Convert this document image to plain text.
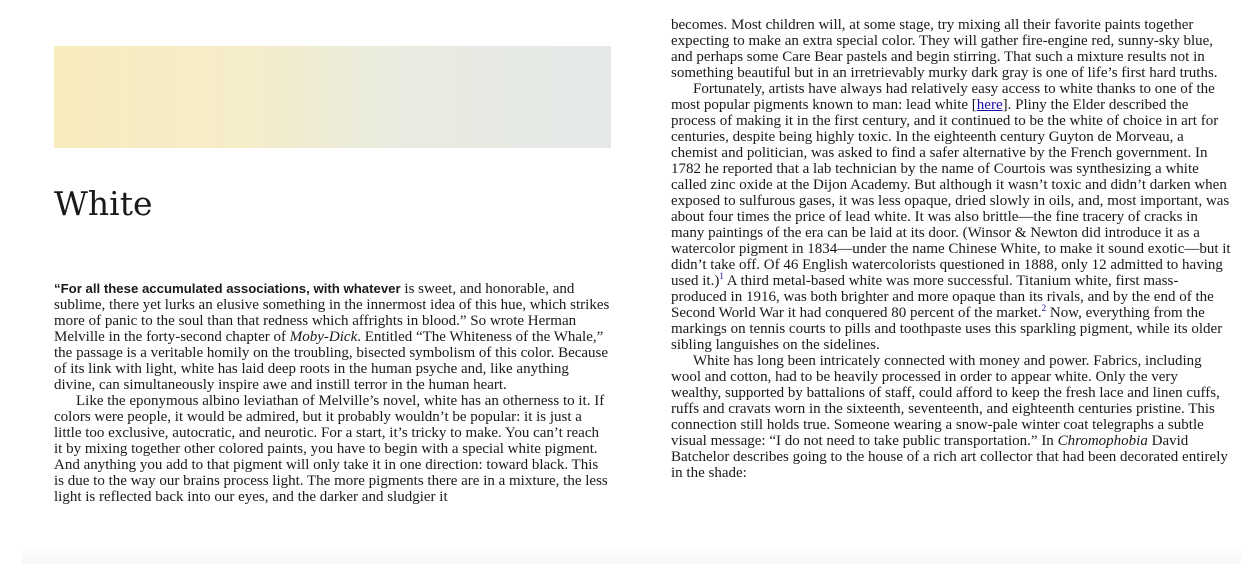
White

“For all these accumulated associations, with whatever is sweet, and honorable, and sublime, there yet lurks an elusive something in the innermost idea of this hue, which strikes more of panic to the soul than that redness which affrights in blood.” So wrote Herman Melville in the forty-second chapter of Moby-Dick. Entitled “The Whiteness of the Whale,” the passage is a veritable homily on the troubling, bisected symbolism of this color. Because of its link with light, white has laid deep roots in the human psyche and, like anything divine, can simultaneously inspire awe and instill terror in the human heart.

Like the eponymous albino leviathan of Melville’s novel, white has an otherness to it. If colors were people, it would be admired, but it probably wouldn’t be popular: it is just a little too exclusive, autocratic, and neurotic. For a start, it’s tricky to make. You can’t reach it by mixing together other colored paints, you have to begin with a special white pigment. And anything you add to that pigment will only take it in one direction: toward black. This is due to the way our brains process light. The more pigments there are in a mixture, the less light is reflected back into our eyes, and the darker and sludgier it

becomes. Most children will, at some stage, try mixing all their favorite paints together expecting to make an extra special color. They will gather fire-engine red, sunny-sky blue, and perhaps some Care Bear pastels and begin stirring. That such a mixture results not in something beautiful but in an irretrievably murky dark gray is one of life’s first hard truths.

Fortunately, artists have always had relatively easy access to white thanks to one of the most popular pigments known to man: lead white [here]. Pliny the Elder described the process of making it in the first century, and it continued to be the white of choice in art for centuries, despite being highly toxic. In the eighteenth century Guyton de Morveau, a chemist and politician, was asked to find a safer alternative by the French government. In 1782 he reported that a lab technician by the name of Courtois was synthesizing a white called zinc oxide at the Dijon Academy. But although it wasn’t toxic and didn’t darken when exposed to sulfurous gases, it was less opaque, dried slowly in oils, and, most important, was about four times the price of lead white. It was also brittle—the fine tracery of cracks in many paintings of the era can be laid at its door. (Winsor & Newton did introduce it as a watercolor pigment in 1834—under the name Chinese White, to make it sound exotic—but it didn’t take off. Of 46 English watercolorists questioned in 1888, only 12 admitted to having used it.)$^1$ A third metal-based white was more successful. Titanium white, first mass-produced in 1916, was both brighter and more opaque than its rivals, and by the end of the Second World War it had conquered 80 percent of the market.$^2$ Now, everything from the markings on tennis courts to pills and toothpaste uses this sparkling pigment, while its older sibling languishes on the sidelines.

White has long been intricately connected with money and power. Fabrics, including wool and cotton, had to be heavily processed in order to appear white. Only the very wealthy, supported by battalions of staff, could afford to keep the fresh lace and linen cuffs, ruffs and cravats worn in the sixteenth, seventeenth, and eighteenth centuries pristine. This connection still holds true. Someone wearing a snow-pale winter coat telegraphs a subtle visual message: “I do not need to take public transportation.” In Chromophobia David Batchelor describes going to the house of a rich art collector that had been decorated entirely in the shade:
